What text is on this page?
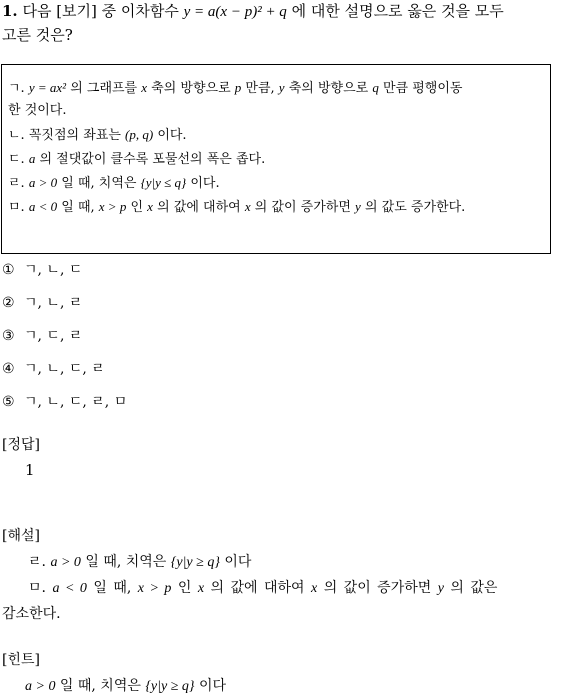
1. 다음 [보기] 중 이차함수 y = a(x − p)² + q 에 대한 설명으로 옳은 것을 모두
고른 것은?
ㄱ. y = ax² 의 그래프를 x 축의 방향으로 p 만큼, y 축의 방향으로 q 만큼 평행이동
한 것이다.
ㄴ. 꼭짓점의 좌표는 (p, q) 이다.
ㄷ. a 의 절댓값이 클수록 포물선의 폭은 좁다.
ㄹ. a > 0 일 때, 치역은 {y|y ≤ q} 이다.
ㅁ. a < 0 일 때, x > p 인 x 의 값에 대하여 x 의 값이 증가하면 y 의 값도 증가한다.
① ㄱ, ㄴ, ㄷ
② ㄱ, ㄴ, ㄹ
③ ㄱ, ㄷ, ㄹ
④ ㄱ, ㄴ, ㄷ, ㄹ
⑤ ㄱ, ㄴ, ㄷ, ㄹ, ㅁ
[정답]
1
[해설]
ㄹ. a > 0 일 때, 치역은 {y|y ≥ q} 이다
ㅁ. a < 0 일 때, x > p 인 x 의 값에 대하여 x 의 값이 증가하면 y 의 값은
감소한다.
[힌트]
a > 0 일 때, 치역은 {y|y ≥ q} 이다
